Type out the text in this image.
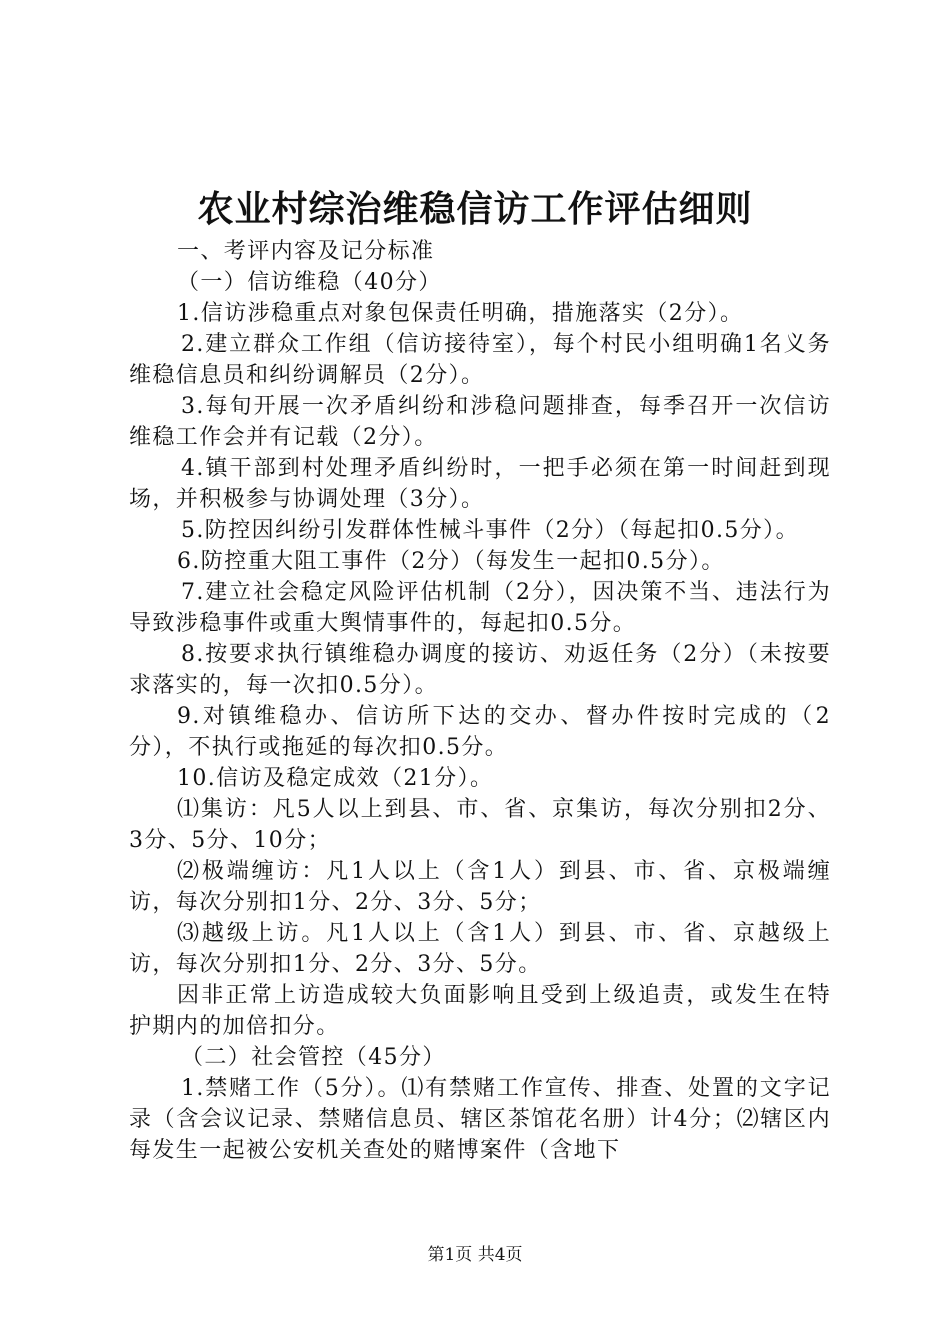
农业村综治维稳信访工作评估细则

一、考评内容及记分标准

（一）信访维稳（40分）

1.信访涉稳重点对象包保责任明确，措施落实（2分）。

2.建立群众工作组（信访接待室），每个村民小组明确1名义务维稳信息员和纠纷调解员（2分）。

3.每旬开展一次矛盾纠纷和涉稳问题排查，每季召开一次信访维稳工作会并有记载（2分）。

4.镇干部到村处理矛盾纠纷时，一把手必须在第一时间赶到现场，并积极参与协调处理（3分）。

5.防控因纠纷引发群体性械斗事件（2分）（每起扣0.5分）。

6.防控重大阻工事件（2分）（每发生一起扣0.5分）。

7.建立社会稳定风险评估机制（2分），因决策不当、违法行为导致涉稳事件或重大舆情事件的，每起扣0.5分。

8.按要求执行镇维稳办调度的接访、劝返任务（2分）（未按要求落实的，每一次扣0.5分）。

9.对镇维稳办、信访所下达的交办、督办件按时完成的（2分），不执行或拖延的每次扣0.5分。

10.信访及稳定成效（21分）。

⑴集访：凡5人以上到县、市、省、京集访，每次分别扣2分、3分、5分、10分；

⑵极端缠访：凡1人以上（含1人）到县、市、省、京极端缠访，每次分别扣1分、2分、3分、5分；

⑶越级上访。凡1人以上（含1人）到县、市、省、京越级上访，每次分别扣1分、2分、3分、5分。

因非正常上访造成较大负面影响且受到上级追责，或发生在特护期内的加倍扣分。

（二）社会管控（45分）

1.禁赌工作（5分）。⑴有禁赌工作宣传、排查、处置的文字记录（含会议记录、禁赌信息员、辖区茶馆花名册）计4分；⑵辖区内每发生一起被公安机关查处的赌博案件（含地下

第1页 共4页
